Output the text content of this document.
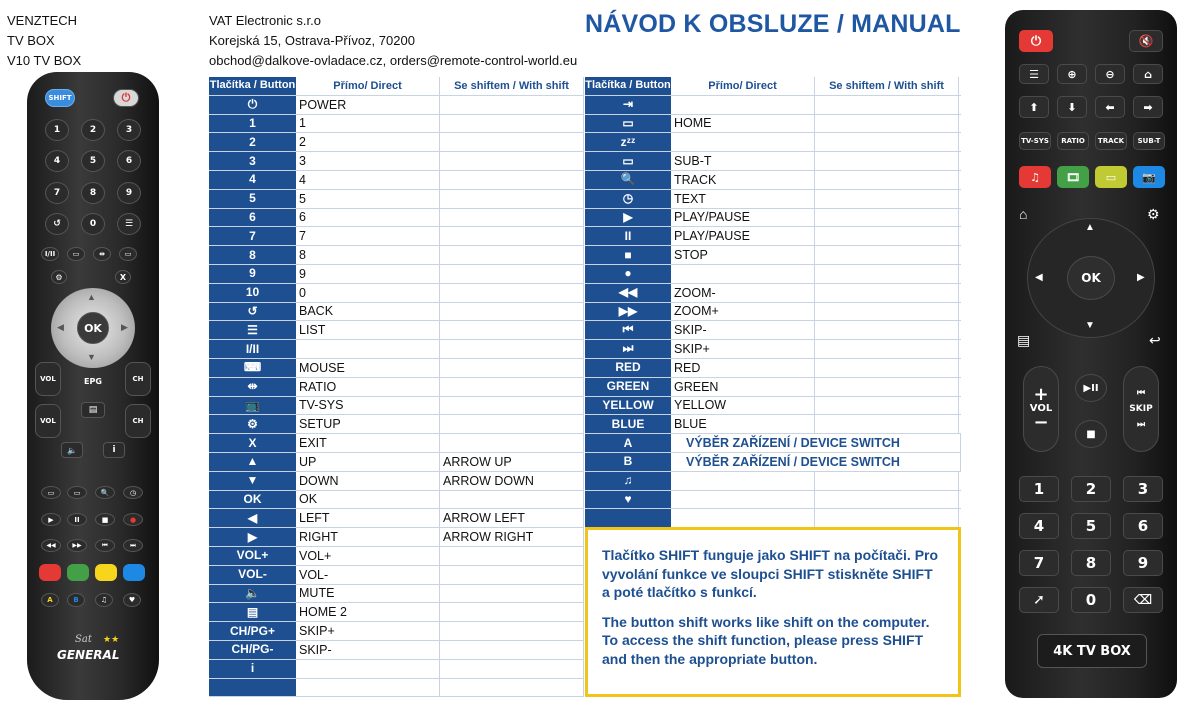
VENZTECH
TV BOX
V10 TV BOX
VAT Electronic s.r.o
Korejská 15, Ostrava-Přívoz, 70200
obchod@dalkove-ovladace.cz, orders@remote-control-world.eu
NÁVOD K OBSLUZE / MANUAL
Tlačítka / Button	Přímo/ Direct	Se shiftem / With shift
⏻	POWER
1	1
2	2
3	3
4	4
5	5
6	6
7	7
8	8
9	9
10	0
↺	BACK
☰	LIST
I/II
⌨	MOUSE
⇹	RATIO
📺	TV-SYS
⚙	SETUP
X	EXIT
▲	UP	ARROW UP
▼	DOWN	ARROW DOWN
OK	OK
◀	LEFT	ARROW LEFT
▶	RIGHT	ARROW RIGHT
VOL+	VOL+
VOL-	VOL-
🔈	MUTE
▤	HOME 2
CH/PG+	SKIP+
CH/PG-	SKIP-
i
Tlačítka / Button	Přímo/ Direct	Se shiftem / With shift
⇥
▭	HOME
zᶻᶻ
▭	SUB-T
🔍	TRACK
◷	TEXT
▶	PLAY/PAUSE
II	PLAY/PAUSE
■	STOP
●
◀◀	ZOOM-
▶▶	ZOOM+
⏮	SKIP-
⏭	SKIP+
RED	RED
GREEN	GREEN
YELLOW	YELLOW
BLUE	BLUE
A	VÝBĚR ZAŘÍZENÍ / DEVICE SWITCH
B	VÝBĚR ZAŘÍZENÍ / DEVICE SWITCH
♫
♥

Tlačítko SHIFT funguje jako SHIFT na počítači. Pro vyvolání funkce ve sloupci SHIFT stiskněte SHIFT a poté tlačítko s funkcí.

The button shift works like shift on the computer. To access the shift function, please press SHIFT and then the appropriate button.

SHIFT	⏻
1	2	3
4	5	6
7	8	9
↺	0	☰
I/II	▭	⇹	▭
⚙	X
OK
▲
▼
◀	▶
VOL	EPG	CH
VOL
▤
CH
🔈	i
▭	▭	🔍	◷
▶	II	■	●
◀◀	▶▶	⏮	⏭
A	B	♫	♥
Sat ★★
GENERAL
⏻	🔇
☰	⊕	⊖	⌂
⬆	⬇	⬅	➡
TV-SYS	RATIO	TRACK	SUB-T
♫	🎞	▭	📷
⌂	⚙
OK
▲
▼
◀	▶
▤	↩
+
VOL
−
▶II
■
⏮
SKIP
⏭
1	2	3
4	5	6
7	8	9
➚	0	⌫
4K TV BOX
